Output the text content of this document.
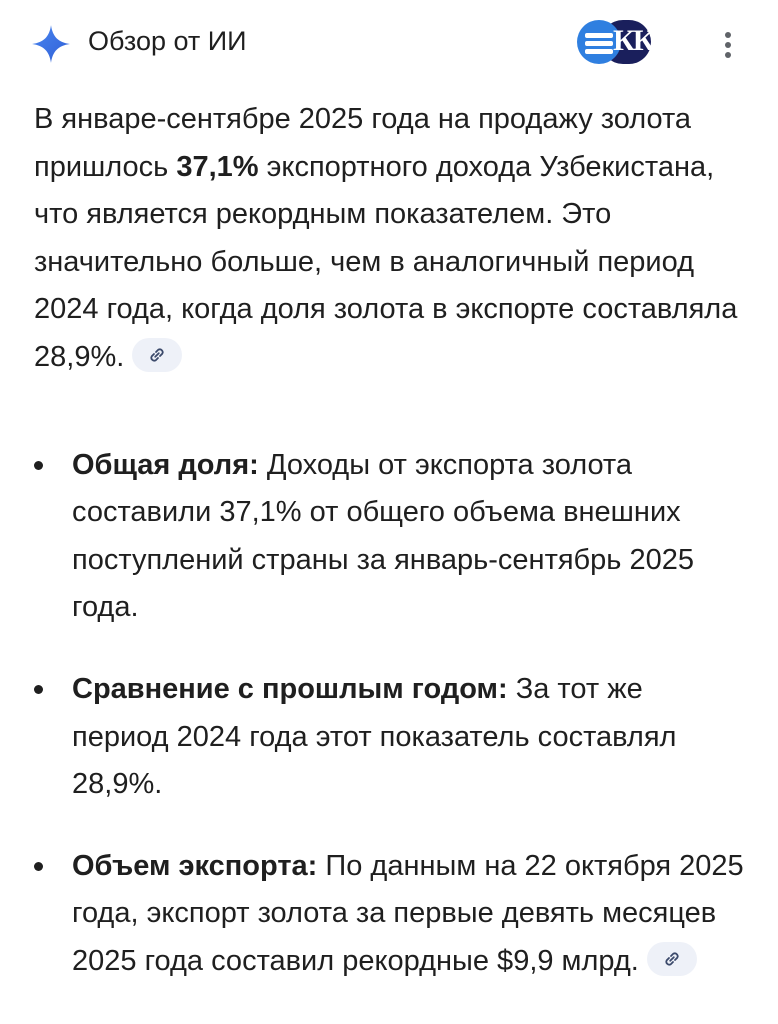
Обзор от ИИ	КК

В январе-сентябре 2025 года на продажу золота пришлось 37,1% экспортного дохода Узбекистана, что является рекордным показателем. Это значительно больше, чем в аналогичный период 2024 года, когда доля золота в экспорте составляла 28,9%.

Общая доля: Доходы от экспорта золота составили 37,1% от общего объема внешних поступлений страны за январь-сентябрь 2025 года.
Сравнение с прошлым годом: За тот же период 2024 года этот показатель составлял 28,9%.
Объем экспорта: По данным на 22 октября 2025 года, экспорт золота за первые девять месяцев 2025 года составил рекордные $9,9 млрд.
